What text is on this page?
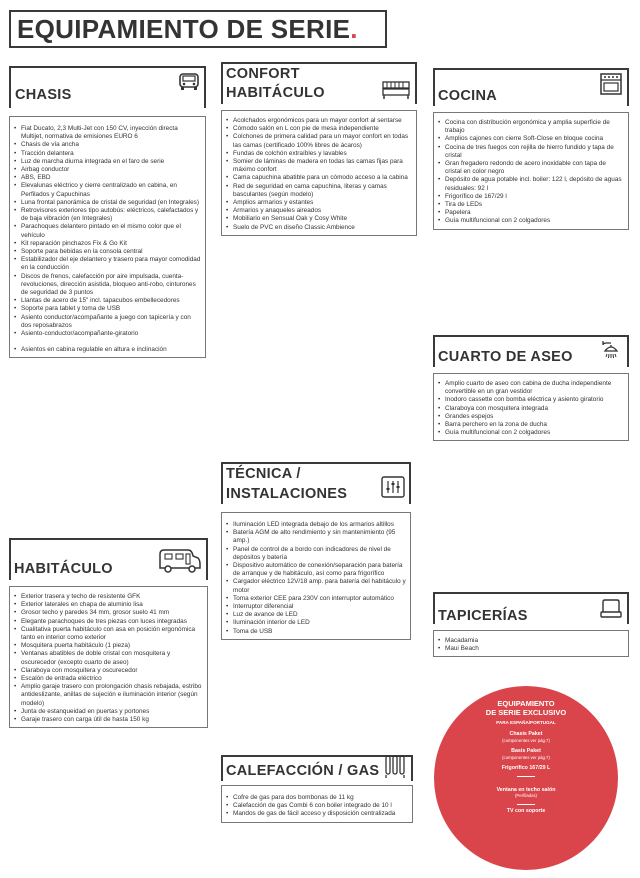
EQUIPAMIENTO DE SERIE .
CHASIS
• Fiat Ducato, 2,3 Multi-Jet con 150 CV, inyección directa Multijet, normativa de emisiones EURO 6
• Chasis de vía ancha
• Tracción delantera
• Luz de marcha diurna integrada en el faro de serie
• Airbag conductor
• ABS, EBD
• Elevalunas eléctrico y cierre centralizado en cabina, en Perfilados y Capuchinas
• Luna frontal panorámica de cristal de seguridad (en Integrales)
• Retrovisores exteriores tipo autobús: eléctricos, calefactados y de baja vibración (en Integrales)
• Parachoques delantero pintado en el mismo color que el vehículo
• Kit reparación pinchazos Fix & Go Kit
• Soporte para bebidas en la consola central
• Estabilizador del eje delantero y trasero para mayor comodidad en la conducción
• Discos de frenos, calefacción por aire impulsada, cuenta-revoluciones, dirección asistida, bloqueo anti-robo, cinturones de seguridad de 3 puntos
• Llantas de acero de 15" incl. tapacubos embellecedores
• Soporte para tablet y toma de USB
• Asiento conductor/acompañante a juego con tapicería y con dos reposabrazos
• Asiento-conductor/acompañante-giratorio
• Asientos en cabina regulable en altura e inclinación
CONFORT
HABITÁCULO
• Acolchados ergonómicos para un mayor confort al sentarse
• Cómodo salón en L con pie de mesa independiente
• Colchones de primera calidad para un mayor confort en todas las camas (certificado 100% libres de ácaros)
• Fundas de colchón extraíbles y lavables
• Somier de láminas de madera en todas las camas fijas para máximo confort
• Cama capuchina abatible para un cómodo acceso a la cabina
• Red de seguridad en cama capuchina, literas y camas basculantes (según modelo)
• Amplios armarios y estantes
• Armarios y anaqueles aireados
• Mobiliario en Sensual Oak y Cosy White
• Suelo de PVC en diseño Classic Ambience
COCINA
• Cocina con distribución ergonómica y amplia superficie de trabajo
• Amplios cajones con cierre Soft-Close en bloque cocina
• Cocina de tres fuegos con rejilla de hierro fundido y tapa de cristal
• Gran fregadero redondo de acero inoxidable con tapa de cristal en color negro
• Depósito de agua potable incl. boiler: 122 l, depósito de aguas residuales: 92 l
• Frigorífico de 167/29 l
• Tira de LEDs
• Papelera
• Guía multifuncional con 2 colgadores
CUARTO DE ASEO
• Amplio cuarto de aseo con cabina de ducha independiente convertible en un gran vestidor
• Inodoro cassette con bomba eléctrica y asiento giratorio
• Claraboya con mosquitera integrada
• Grandes espejos
• Barra perchero en la zona de ducha
• Guía multifuncional con 2 colgadores
TÉCNICA /
INSTALACIONES
• Iluminación LED integrada debajo de los armarios altillos
• Batería AGM de alto rendimiento y sin mantenimiento (95 amp.)
• Panel de control de a bordo con indicadores de nivel de depósitos y batería
• Dispositivo automático de conexión/separación para batería de arranque y de habitáculo, así como para frigorífico
• Cargador eléctrico 12V/18 amp. para batería del habitáculo y motor
• Toma exterior CEE para 230V con interruptor automático
• Interruptor diferencial
• Luz de avance de LED
• Iluminación interior de LED
• Toma de USB
HABITÁCULO
• Exterior trasera y techo de resistente GFK
• Exterior laterales en chapa de aluminio lisa
• Grosor techo y paredes 34 mm, grosor suelo 41 mm
• Elegante parachoques de tres piezas con luces integradas
• Cualitativa puerta habitáculo con asa en posición ergonómica tanto en interior como exterior
• Mosquitera puerta habitáculo (1 pieza)
• Ventanas abatibles de doble cristal con mosquitera y oscurecedor (excepto cuarto de aseo)
• Claraboya con mosquitera y oscurecedor
• Escalón de entrada eléctrico
• Amplio garaje trasero con prolongación chasis rebajada, estribo antideslizante, anillas de sujeción e iluminación interior (según modelo)
• Junta de estanqueidad en puertas y portones
• Garaje trasero con carga útil de hasta 150 kg
CALEFACCIÓN / GAS
• Cofre de gas para dos bombonas de 11 kg
• Calefacción de gas Combi 6 con boiler integrado de 10 l
• Mandos de gas de fácil acceso y disposición centralizada
TAPICERÍAS
• Macadamia
• Maui Beach
EQUIPAMIENTO
DE SERIE EXCLUSIVO
PARA ESPAÑA/PORTUGAL
Chasis Paket
(componentes ver pág.7)
Basis Paket
(componentes ver pág.7)
Frigorífico 167/29 L
Ventana en techo salón
(Perfilados)
TV con soporte
